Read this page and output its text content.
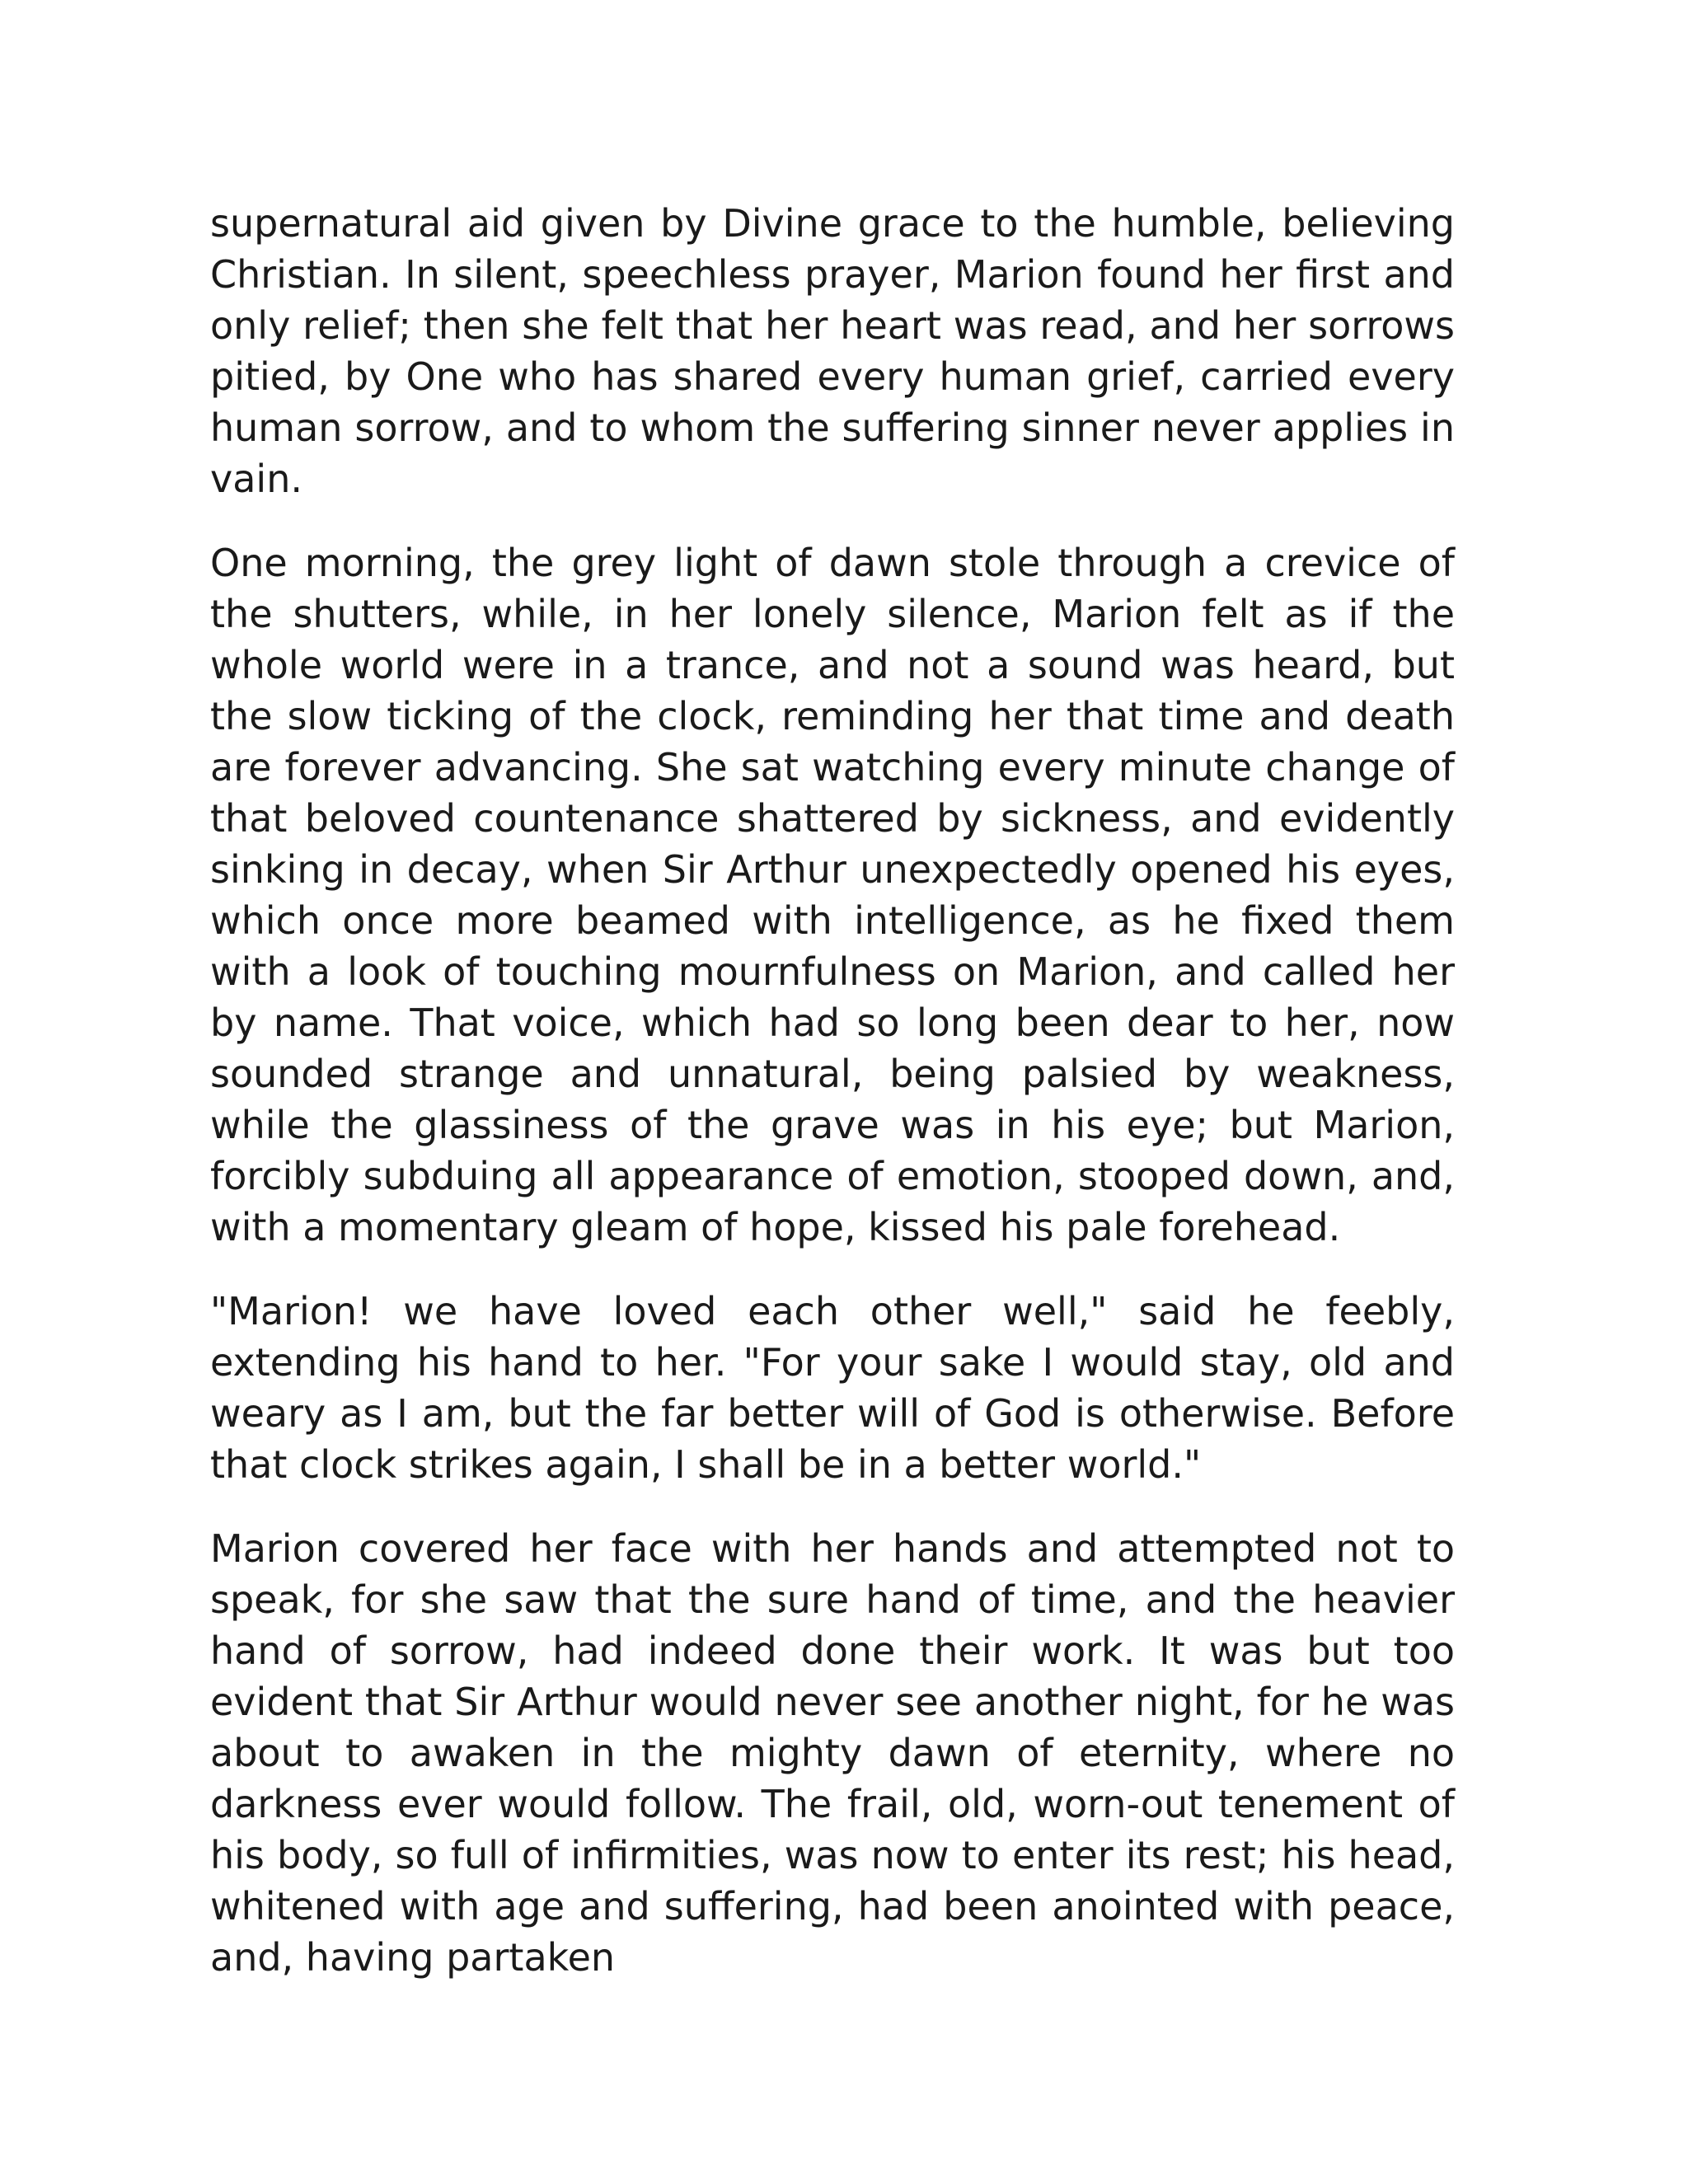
supernatural aid given by Divine grace to the humble, believing Christian. In silent, speechless prayer, Marion found her first and only relief; then she felt that her heart was read, and her sorrows pitied, by One who has shared every human grief, carried every human sorrow, and to whom the suffering sinner never applies in vain.

One morning, the grey light of dawn stole through a crevice of the shutters, while, in her lonely silence, Marion felt as if the whole world were in a trance, and not a sound was heard, but the slow ticking of the clock, reminding her that time and death are forever advancing. She sat watching every minute change of that beloved countenance shattered by sickness, and evidently sinking in decay, when Sir Arthur unexpectedly opened his eyes, which once more beamed with intelligence, as he fixed them with a look of touching mournfulness on Marion, and called her by name. That voice, which had so long been dear to her, now sounded strange and unnatural, being palsied by weakness, while the glassiness of the grave was in his eye; but Marion, forcibly subduing all appearance of emotion, stooped down, and, with a momentary gleam of hope, kissed his pale forehead.

"Marion! we have loved each other well," said he feebly, extending his hand to her. "For your sake I would stay, old and weary as I am, but the far better will of God is otherwise. Before that clock strikes again, I shall be in a better world."

Marion covered her face with her hands and attempted not to speak, for she saw that the sure hand of time, and the heavier hand of sorrow, had indeed done their work. It was but too evident that Sir Arthur would never see another night, for he was about to awaken in the mighty dawn of eternity, where no darkness ever would follow. The frail, old, worn-out tenement of his body, so full of infirmities, was now to enter its rest; his head, whitened with age and suffering, had been anointed with peace, and, having partaken
